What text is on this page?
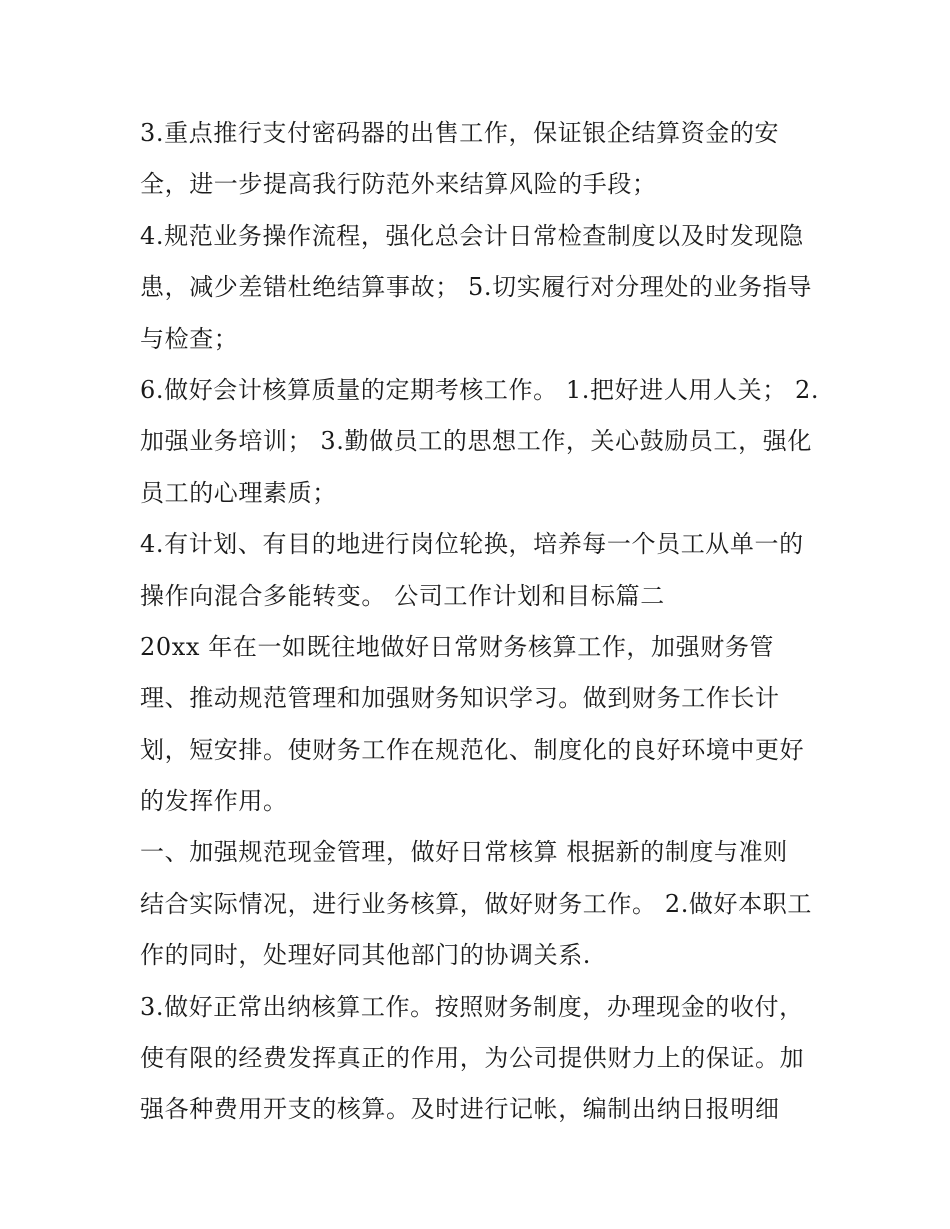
3.重点推行支付密码器的出售工作，保证银企结算资金的安
全，进一步提高我行防范外来结算风险的手段；
4.规范业务操作流程，强化总会计日常检查制度以及时发现隐
患，减少差错杜绝结算事故； 5.切实履行对分理处的业务指导
与检查；
6.做好会计核算质量的定期考核工作。 1.把好进人用人关； 2.
加强业务培训； 3.勤做员工的思想工作，关心鼓励员工，强化
员工的心理素质；
4.有计划、有目的地进行岗位轮换，培养每一个员工从单一的
操作向混合多能转变。 公司工作计划和目标篇二
20xx 年在一如既往地做好日常财务核算工作，加强财务管
理、推动规范管理和加强财务知识学习。做到财务工作长计
划，短安排。使财务工作在规范化、制度化的良好环境中更好
的发挥作用。
一、加强规范现金管理，做好日常核算 根据新的制度与准则
结合实际情况，进行业务核算，做好财务工作。 2.做好本职工
作的同时，处理好同其他部门的协调关系.
3.做好正常出纳核算工作。按照财务制度，办理现金的收付，
使有限的经费发挥真正的作用，为公司提供财力上的保证。加
强各种费用开支的核算。及时进行记帐，编制出纳日报明细
